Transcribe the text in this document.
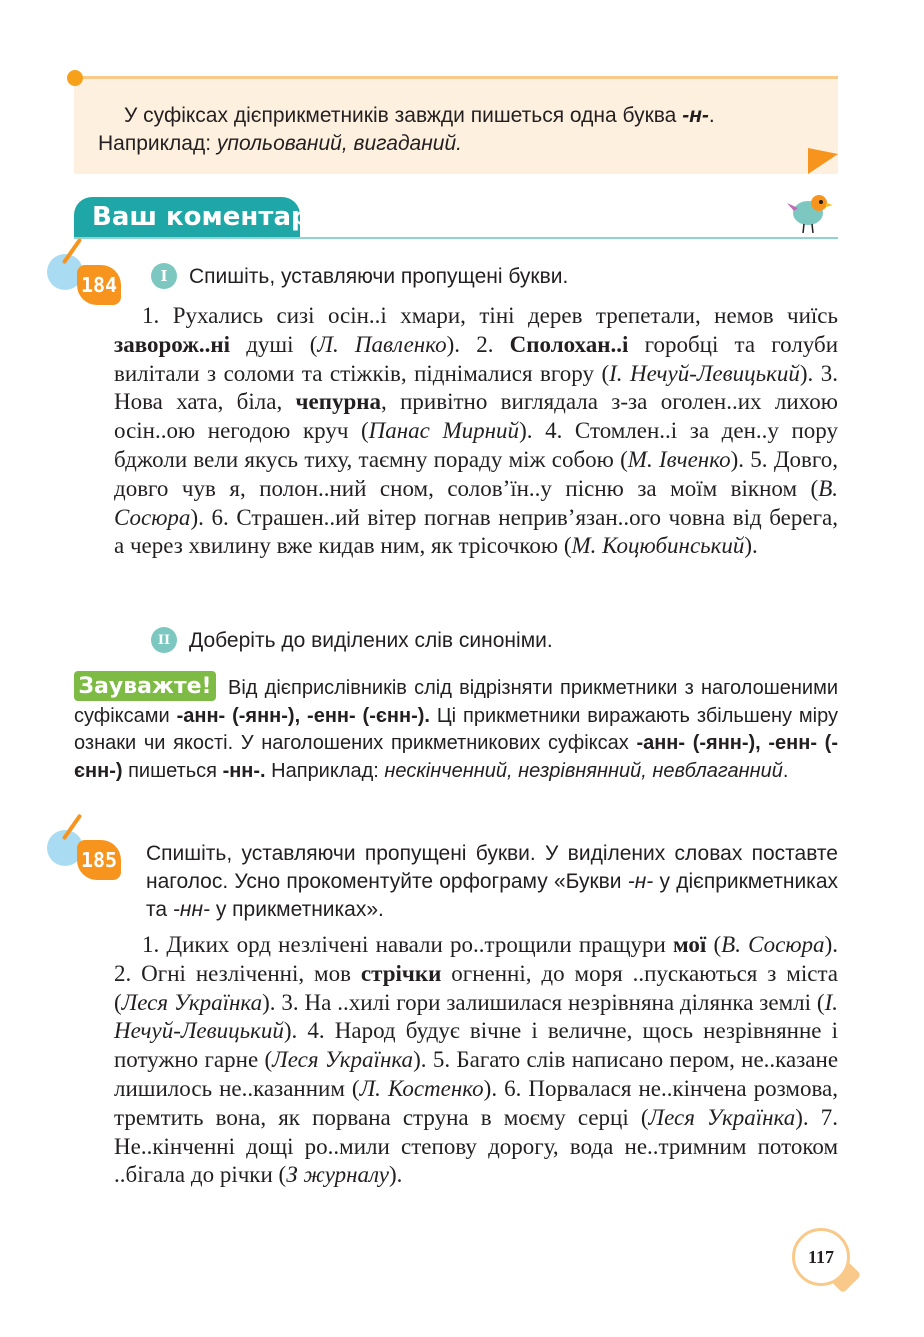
У суфіксах дієприкметників завжди пишеться одна буква -н-.
Наприклад: упольований, вигаданий.
Ваш коментар
184	I	Спишіть, уставляючи пропущені букви.

1. Рухались сизі осін..і хмари, тіні дерев трепетали, немов чиїсь заворож..ні душі (Л. Павленко). 2. Сполохан..і горобці та голуби вилітали з соломи та стіжків, піднімалися вгору (І. Нечуй-Левицький). 3. Нова хата, біла, чепурна, привітно виглядала з-за оголен..их лихою осін..ою негодою круч (Панас Мирний). 4. Стомлен..і за ден..у пору бджоли вели якусь тиху, таємну пораду між собою (М. Івченко). 5. Довго, довго чув я, полон..ний сном, солов’їн..у пісню за моїм вікном (В. Сосюра). 6. Страшен..ий вітер погнав неприв’язан..ого човна від берега, а через хвилину вже кидав ним, як трісочкою (М. Коцюбинський).

II Доберіть до виділених слів синоніми.
Зауважте! Від дієприслівників слід відрізняти прикметники з наголошеними суфіксами -анн- (-янн-), -енн- (-єнн-). Ці прикметники виражають збільшену міру ознаки чи якості. У наголошених прикметникових суфіксах -анн- (-янн-), -енн- (-єнн-) пишеться -нн-. Наприклад: нескінченний, незрівнянний, невблаганний.
185 Спишіть, уставляючи пропущені букви. У виділених словах поставте наголос. Усно прокоментуйте орфограму «Букви -н- у дієприкметниках та -нн- у прикметниках».

1. Диких орд незлічені навали ро..трощили пращури мої (В. Сосюра). 2. Огні незліченні, мов стрічки огненні, до моря ..пускаються з міста (Леся Українка). 3. На ..хилі гори залишилася незрівняна ділянка землі (І. Нечуй-Левицький). 4. Народ будує вічне і величне, щось незрівнянне і потужно гарне (Леся Українка). 5. Багато слів написано пером, не..казане лишилось не..казанним (Л. Костенко). 6. Порвалася не..кінчена розмова, тремтить вона, як порвана струна в моєму серці (Леся Українка). 7. Не..кінченні дощі ро..мили степову дорогу, вода не..тримним потоком ..бігала до річки (З журналу).

117
